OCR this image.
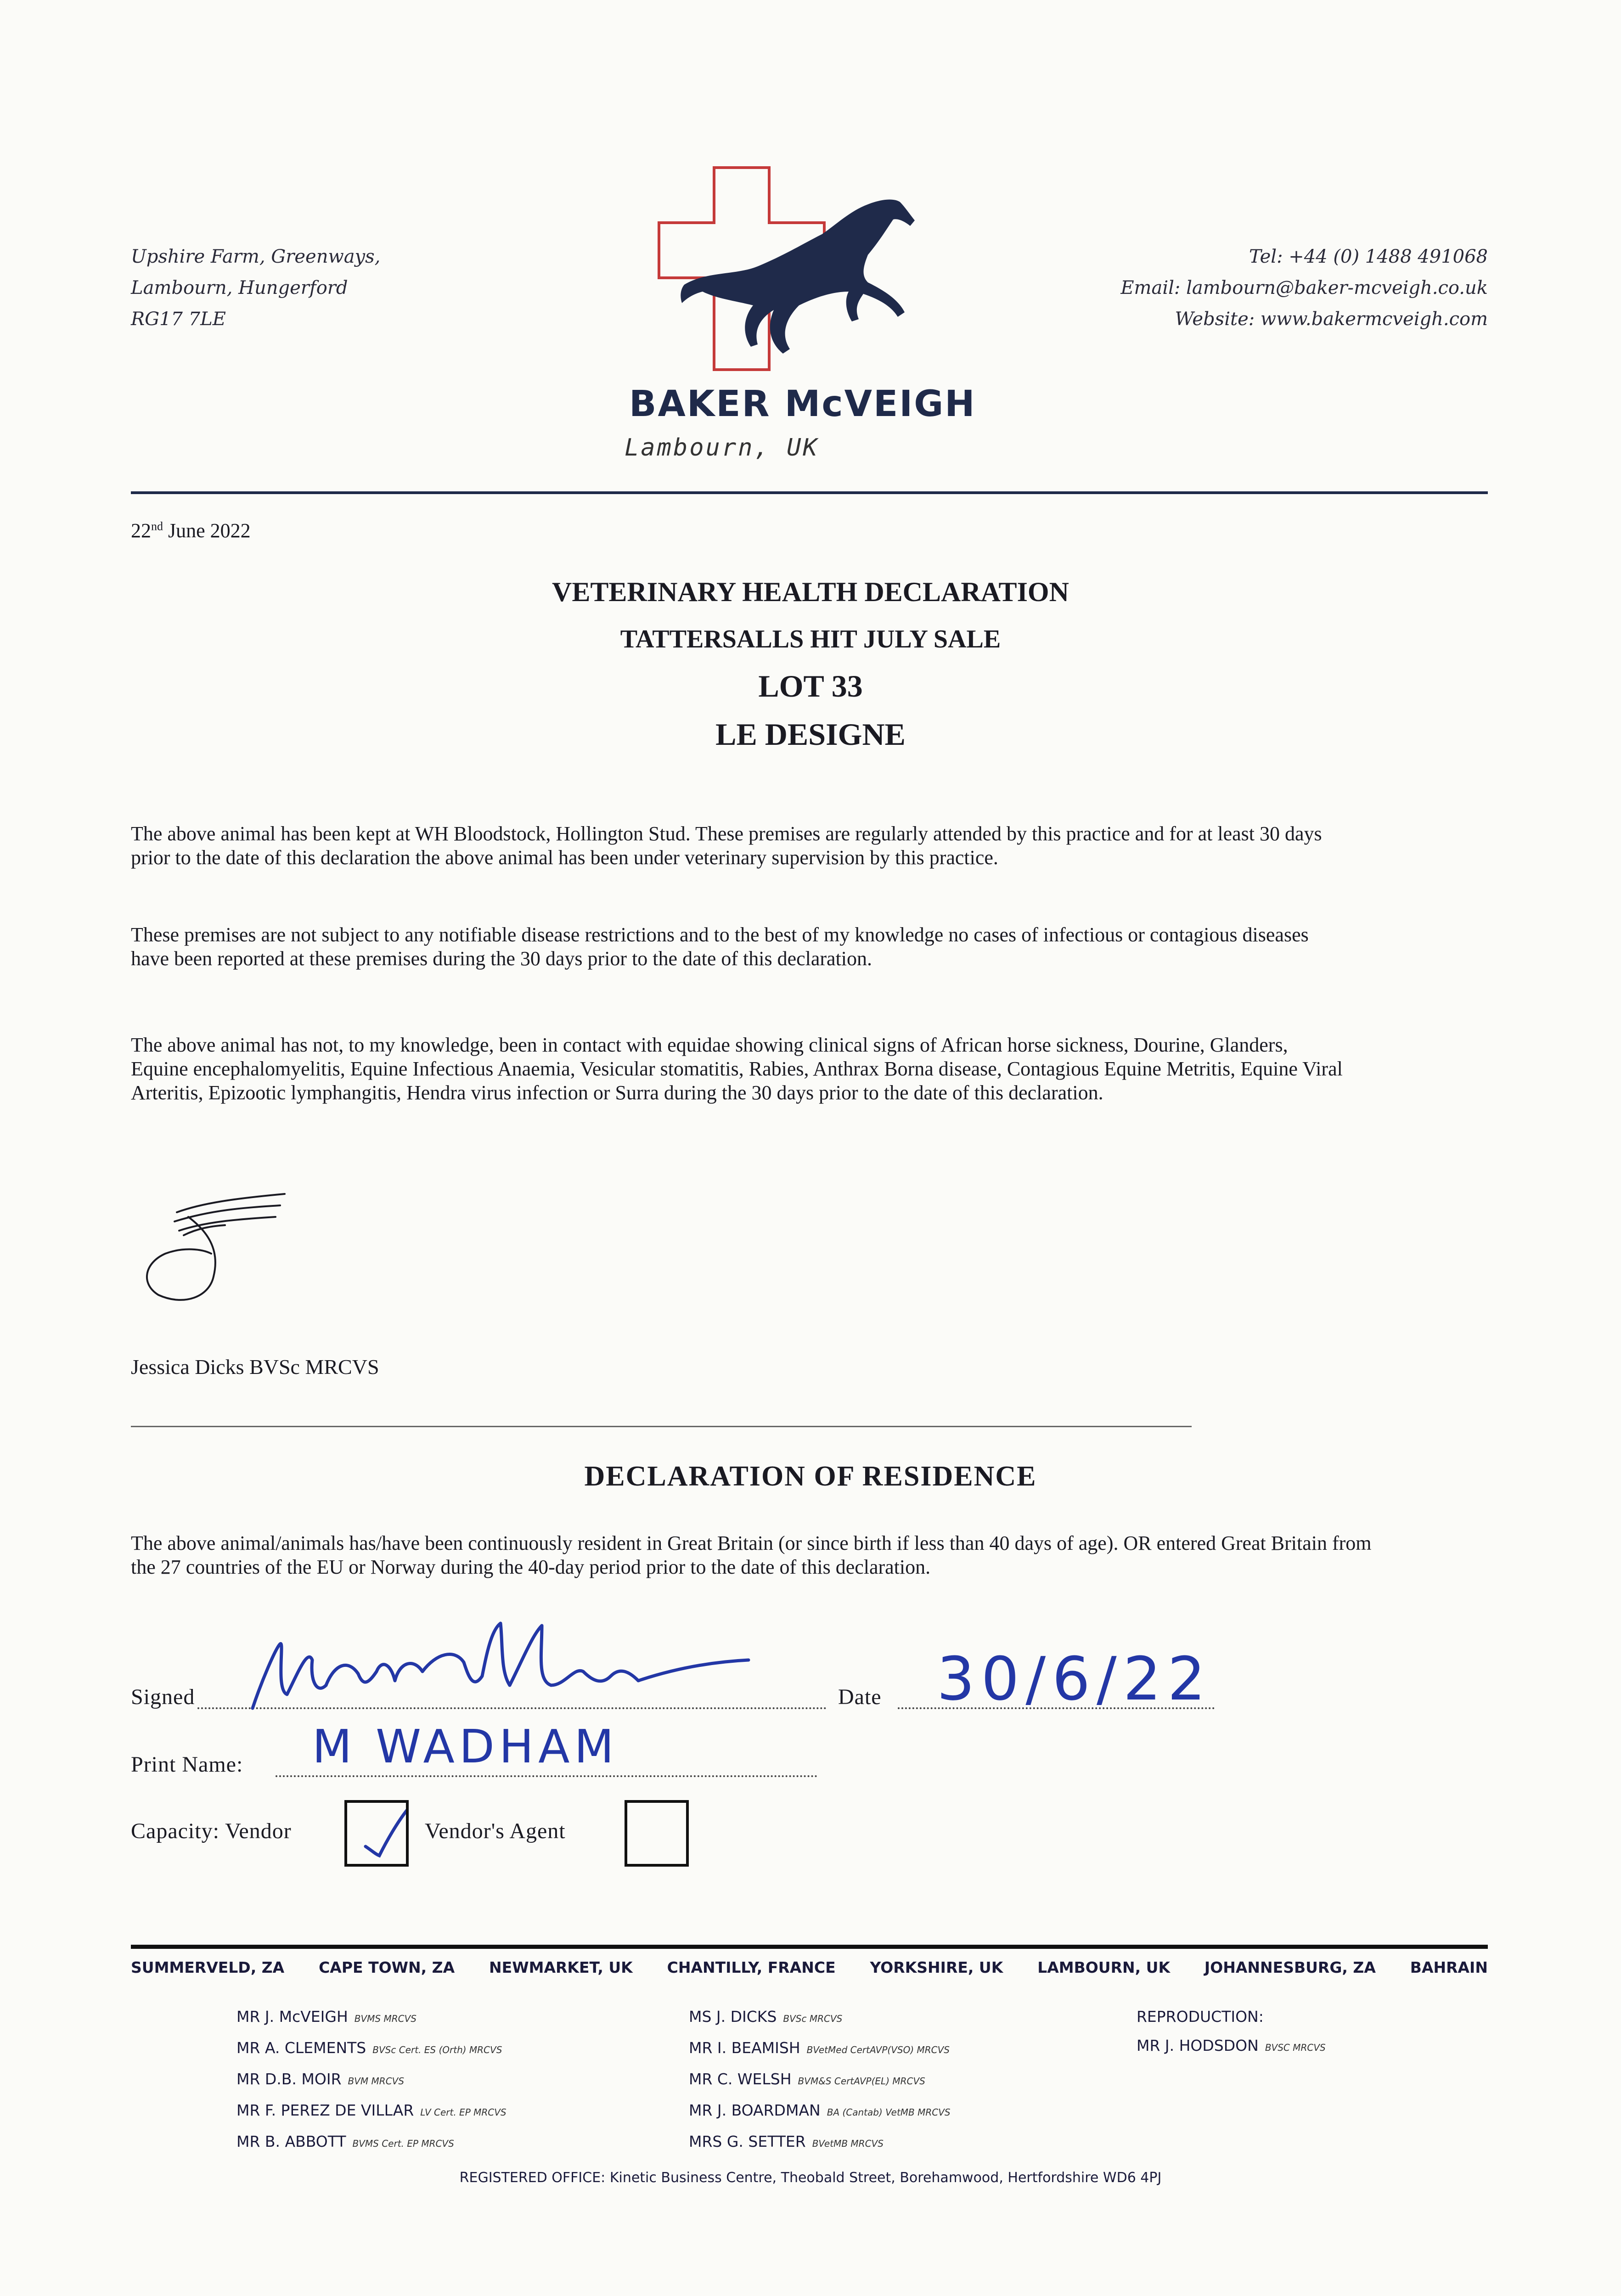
Upshire Farm, Greenways,
Lambourn, Hungerford
RG17 7LE
BAKER McVEIGH
Lambourn, UK
Tel: +44 (0) 1488 491068
Email: lambourn@baker-mcveigh.co.uk
Website: www.bakermcveigh.com
22nd June 2022
VETERINARY HEALTH DECLARATION
TATTERSALLS HIT JULY SALE
LOT 33
LE DESIGNE
The above animal has been kept at WH Bloodstock, Hollington Stud. These premises are regularly attended by this practice and for at least 30 days prior to the date of this declaration the above animal has been under veterinary supervision by this practice.
These premises are not subject to any notifiable disease restrictions and to the best of my knowledge no cases of infectious or contagious diseases have been reported at these premises during the 30 days prior to the date of this declaration.
The above animal has not, to my knowledge, been in contact with equidae showing clinical signs of African horse sickness, Dourine, Glanders, Equine encephalomyelitis, Equine Infectious Anaemia, Vesicular stomatitis, Rabies, Anthrax Borna disease, Contagious Equine Metritis, Equine Viral Arteritis, Epizootic lymphangitis, Hendra virus infection or Surra during the 30 days prior to the date of this declaration.
Jessica Dicks BVSc MRCVS
DECLARATION OF RESIDENCE
The above animal/animals has/have been continuously resident in Great Britain (or since birth if less than 40 days of age). OR entered Great Britain from the 27 countries of the EU or Norway during the 40-day period prior to the date of this declaration.
Signed	Date 30/6/22
Print Name: M WADHAM
Capacity: Vendor	Vendor's Agent
SUMMERVELD, ZA CAPE TOWN, ZA NEWMARKET, UK CHANTILLY, FRANCE YORKSHIRE, UK LAMBOURN, UK JOHANNESBURG, ZA BAHRAIN
MR J. McVEIGH BVMS MRCVS
MR A. CLEMENTS BVSc Cert. ES (Orth) MRCVS
MR D.B. MOIR BVM MRCVS
MR F. PEREZ DE VILLAR LV Cert. EP MRCVS
MR B. ABBOTT BVMS Cert. EP MRCVS
MS J. DICKS BVSc MRCVS
MR I. BEAMISH BVetMed CertAVP(VSO) MRCVS
MR C. WELSH BVM&S CertAVP(EL) MRCVS
MR J. BOARDMAN BA (Cantab) VetMB MRCVS
MRS G. SETTER BVetMB MRCVS
REPRODUCTION:
MR J. HODSDON BVSC MRCVS
REGISTERED OFFICE: Kinetic Business Centre, Theobald Street, Borehamwood, Hertfordshire WD6 4PJ
